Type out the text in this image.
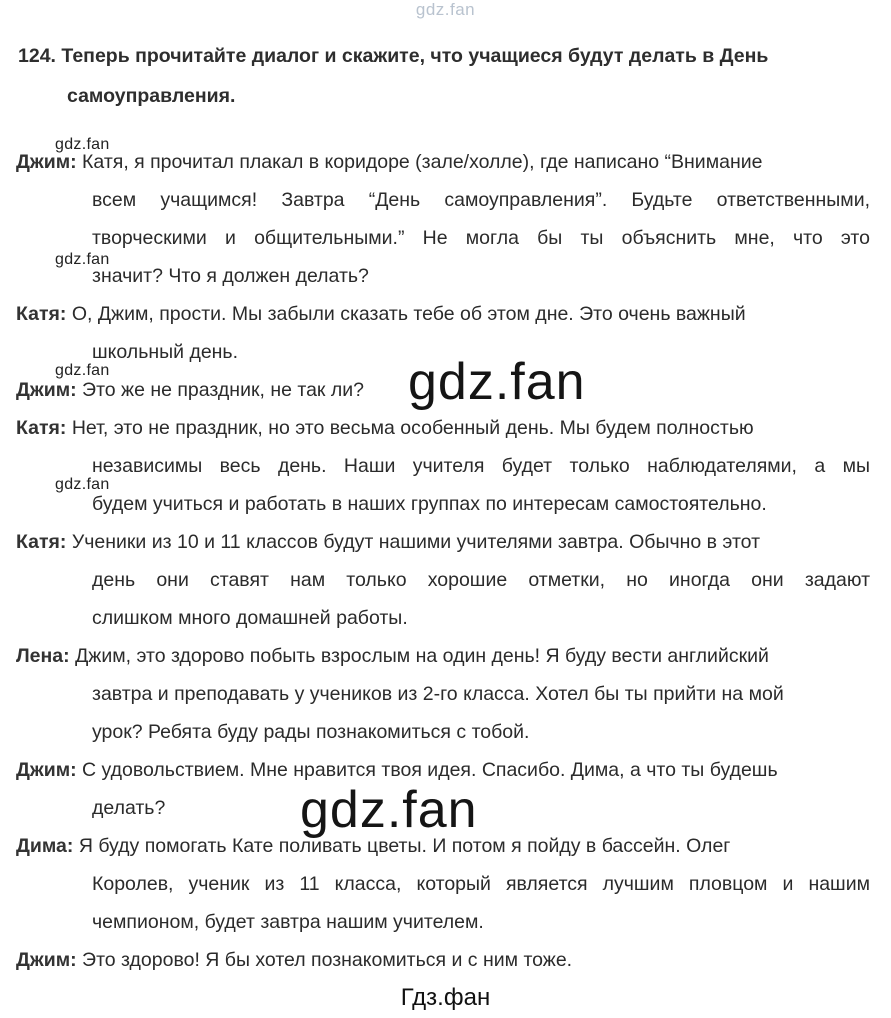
gdz.fan
124. Теперь прочитайте диалог и скажите, что учащиеся будут делать в День
самоуправления.
gdz.fan
gdz.fan
gdz.fan
gdz.fan
Джим: Катя, я прочитал плакал в коридоре (зале/холле), где написано “Внимание
всем учащимся! Завтра “День самоуправления”. Будьте ответственными,
творческими и общительными.” Не могла бы ты объяснить мне, что это
значит? Что я должен делать?
Катя: О, Джим, прости. Мы забыли сказать тебе об этом дне. Это очень важный
школьный день.
Джим: Это же не праздник, не так ли?
Катя: Нет, это не праздник, но это весьма особенный день. Мы будем полностью
независимы весь день. Наши учителя будет только наблюдателями, а мы
будем учиться и работать в наших группах по интересам самостоятельно.
Катя: Ученики из 10 и 11 классов будут нашими учителями завтра. Обычно в этот
день они ставят нам только хорошие отметки, но иногда они задают
слишком много домашней работы.
Лена: Джим, это здорово побыть взрослым на один день! Я буду вести английский
завтра и преподавать у учеников из 2-го класса. Хотел бы ты прийти на мой
урок? Ребята буду рады познакомиться с тобой.
Джим: С удовольствием. Мне нравится твоя идея. Спасибо. Дима, а что ты будешь
делать?
Дима: Я буду помогать Кате поливать цветы. И потом я пойду в бассейн. Олег
Королев, ученик из 11 класса, который является лучшим пловцом и нашим
чемпионом, будет завтра нашим учителем.
Джим: Это здорово! Я бы хотел познакомиться и с ним тоже.
gdz.fan
gdz.fan
Гдз.фан
